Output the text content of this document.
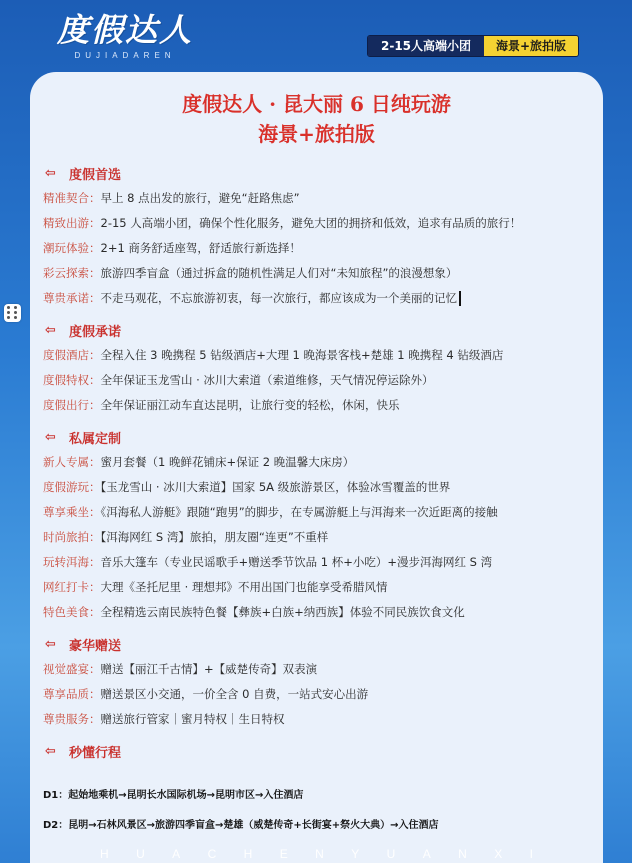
度假达人
DUJIADAREN
2-15人高端小团	海景+旅拍版
度假达人 · 昆大丽 6 日纯玩游
海景+旅拍版
⇦ 度假首选
精准契合：早上 8 点出发的旅行，避免“赶路焦虑”
精致出游：2-15 人高端小团，确保个性化服务，避免大团的拥挤和低效，追求有品质的旅行！
潮玩体验：2+1 商务舒适座驾，舒适旅行新选择！
彩云探索：旅游四季盲盒（通过拆盒的随机性满足人们对“未知旅程”的浪漫想象）
尊贵承诺：不走马观花，不忘旅游初衷，每一次旅行，都应该成为一个美丽的记忆
⇦ 度假承诺
度假酒店：全程入住 3 晚携程 5 钻级酒店+大理 1 晚海景客栈+楚雄 1 晚携程 4 钻级酒店
度假特权：全年保证玉龙雪山 · 冰川大索道（索道维修，天气情况停运除外）
度假出行：全年保证丽江动车直达昆明，让旅行变的轻松，休闲，快乐
⇦ 私属定制
新人专属：蜜月套餐（1 晚鲜花铺床+保证 2 晚温馨大床房）
度假游玩：【玉龙雪山 · 冰川大索道】国家 5A 级旅游景区，体验冰雪覆盖的世界
尊享乘坐：《洱海私人游艇》跟随“跑男”的脚步，在专属游艇上与洱海来一次近距离的接触
时尚旅拍：【洱海网红 S 湾】旅拍，朋友圈“连更”不重样
玩转洱海：音乐大篷车（专业民谣歌手+赠送季节饮品 1 杯+小吃）+漫步洱海网红 S 湾
网红打卡：大理《圣托尼里 · 理想邦》不用出国门也能享受希腊风情
特色美食：全程精选云南民族特色餐【彝族+白族+纳西族】体验不同民族饮食文化
⇦ 豪华赠送
视觉盛宴：赠送【丽江千古情】+【威楚传奇】双表演
尊享品质：赠送景区小交通，一价全含 0 自费，一站式安心出游
尊贵服务：赠送旅行管家｜蜜月特权｜生日特权
⇦ 秒懂行程
D1：起始地乘机→昆明长水国际机场→昆明市区→入住酒店
D2：昆明→石林风景区→旅游四季盲盒→楚雄（威楚传奇+长街宴+祭火大典）→入住酒店
H U A C H E N Y U A N X I
